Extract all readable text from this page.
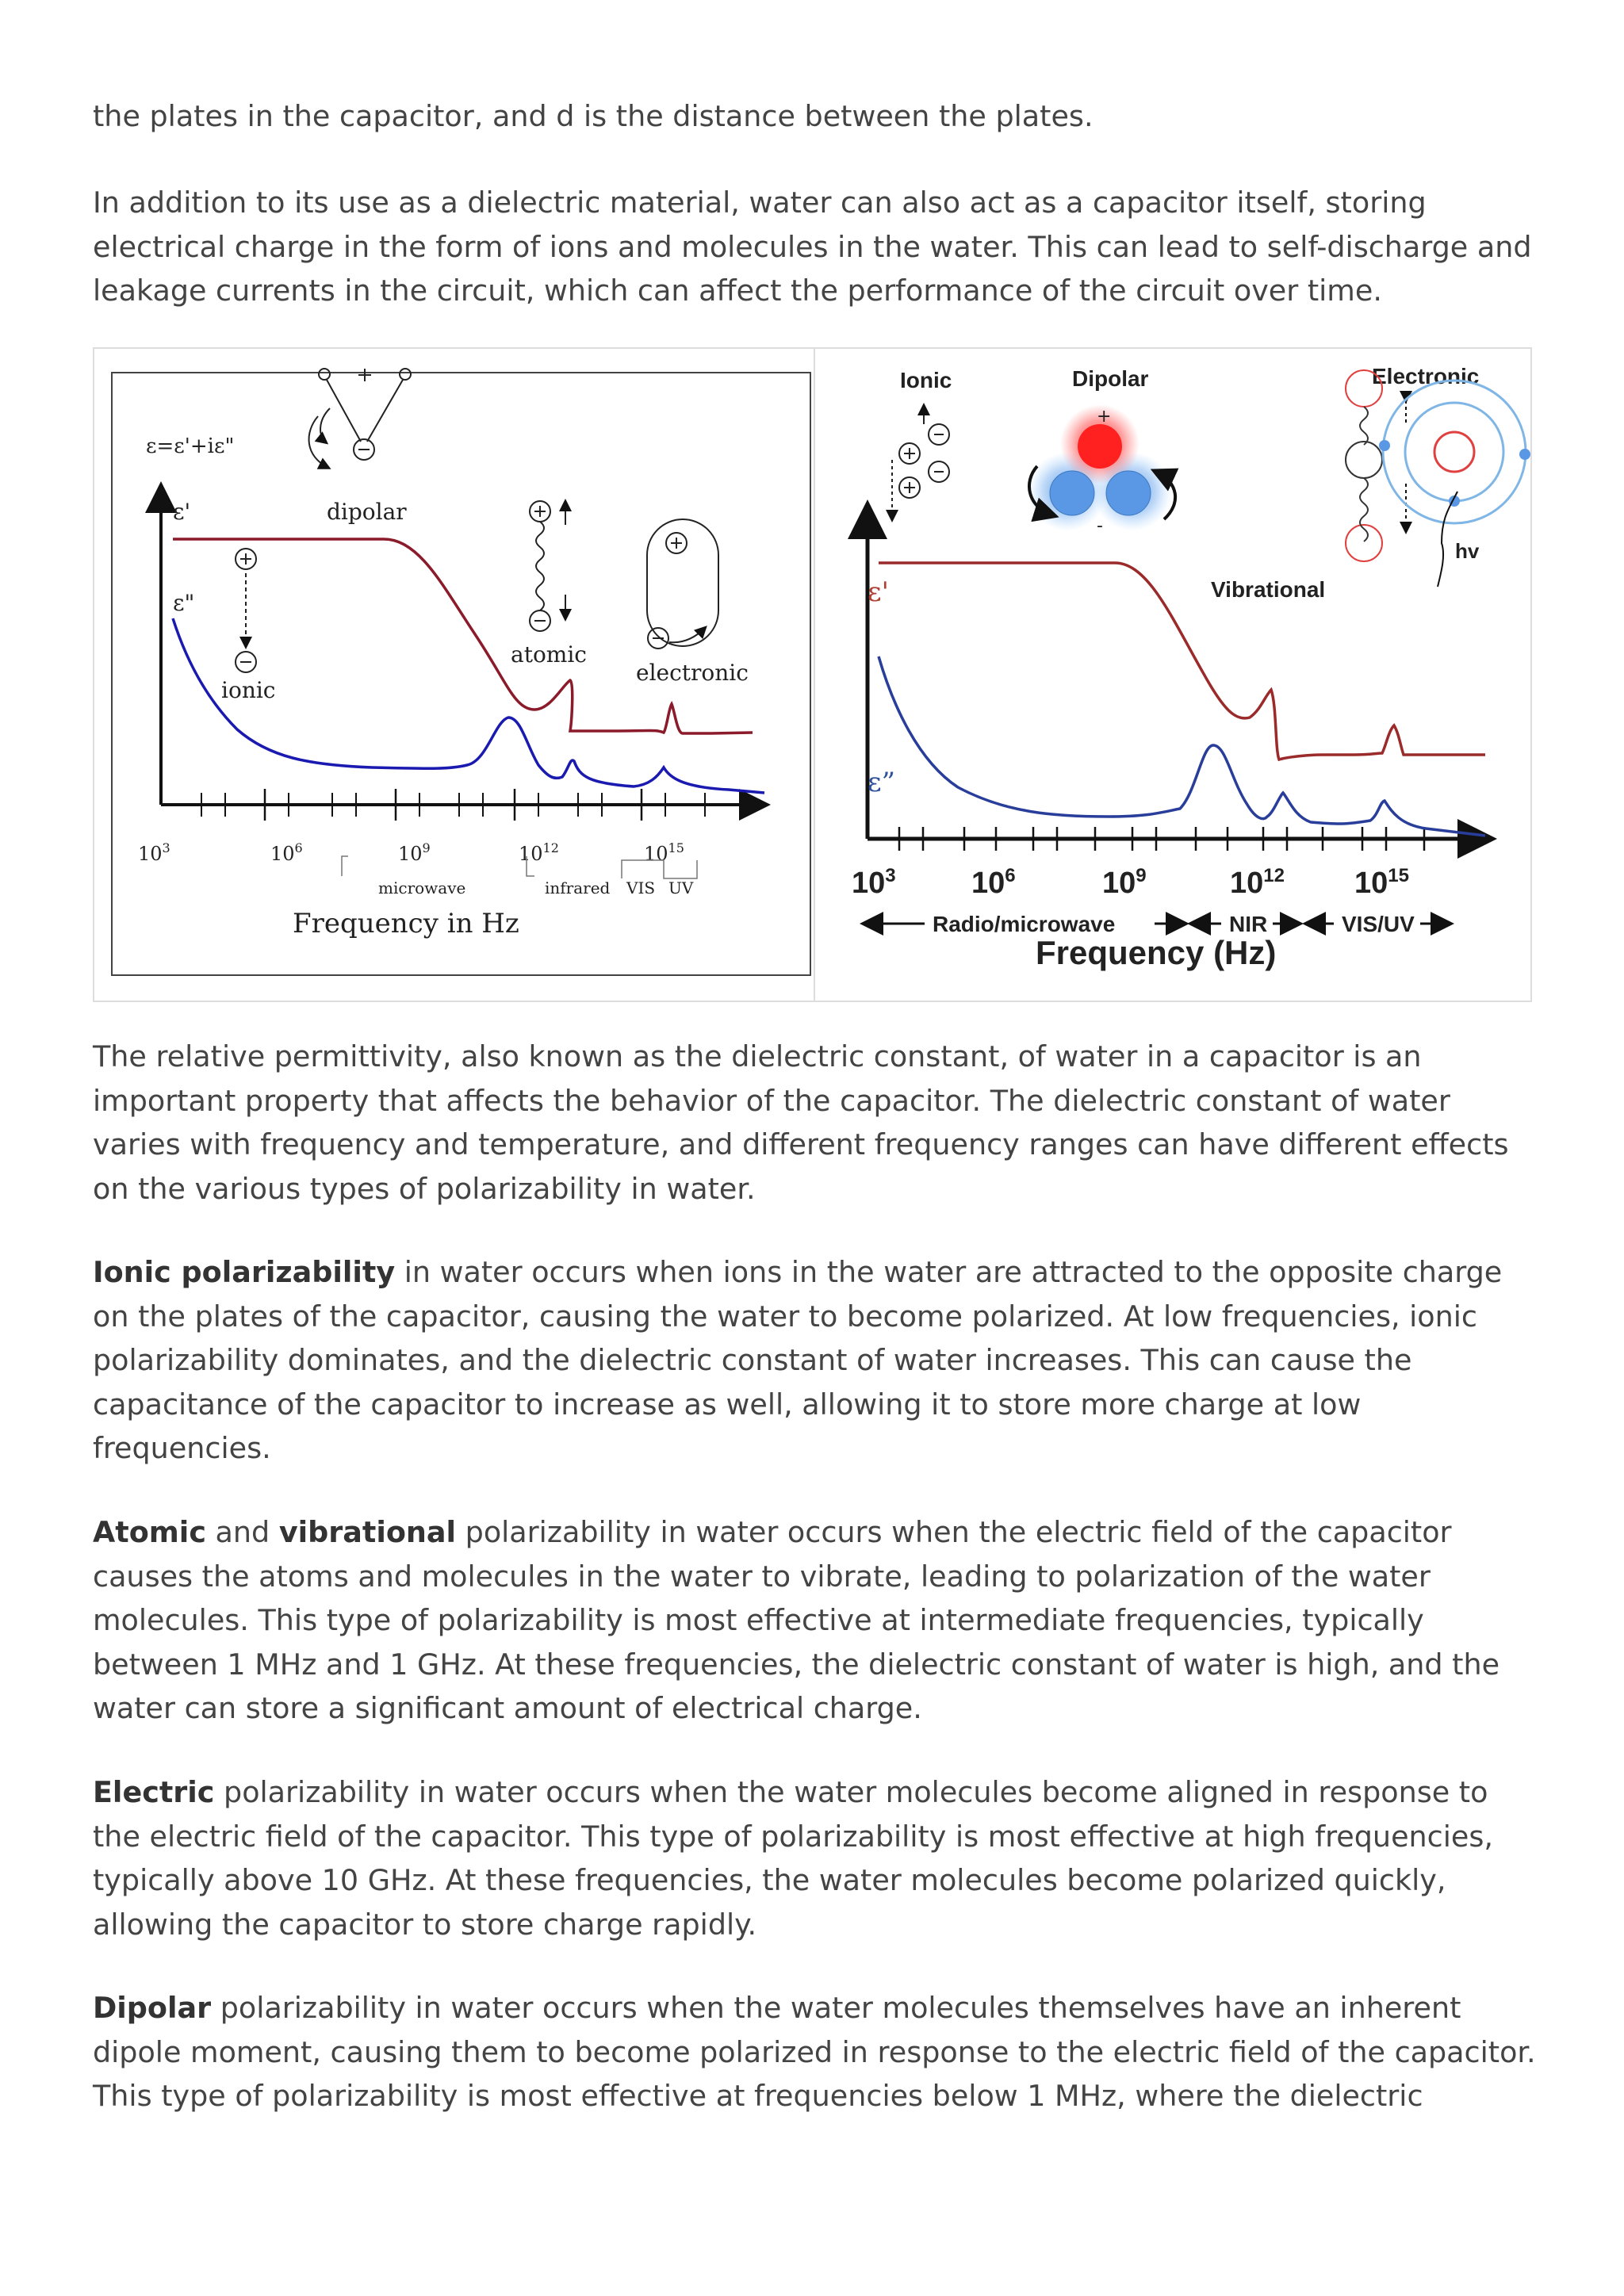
the plates in the capacitor, and d is the distance between the plates.

In addition to its use as a dielectric material, water can also act as a capacitor itself, storing electrical charge in the form of ions and molecules in the water. This can lead to self-discharge and leakage currents in the circuit, which can affect the performance of the circuit over time.

ε=ε'+iε"
$10^3$	$10^6$	$10^9$	$10^{12}$	$10^{15}$
microwave	infrared VIS UV
Frequency in Hz
ε'
ε"
dipolar
ionic
atomic
electronic
Ionic	Dipolar	Electronic
Vibrational
+
-
hv
ε'
ε”
$10^3$	$10^6$	$10^9$	$10^{12}$ $10^{15}$
Radio/microwave	NIR	VIS/UV
Frequency (Hz)

The relative permittivity, also known as the dielectric constant, of water in a capacitor is an important property that affects the behavior of the capacitor. The dielectric constant of water varies with frequency and temperature, and different frequency ranges can have different effects on the various types of polarizability in water.

Ionic polarizability in water occurs when ions in the water are attracted to the opposite charge on the plates of the capacitor, causing the water to become polarized. At low frequencies, ionic polarizability dominates, and the dielectric constant of water increases. This can cause the capacitance of the capacitor to increase as well, allowing it to store more charge at low frequencies.

Atomic and vibrational polarizability in water occurs when the electric field of the capacitor causes the atoms and molecules in the water to vibrate, leading to polarization of the water molecules. This type of polarizability is most effective at intermediate frequencies, typically between 1 MHz and 1 GHz. At these frequencies, the dielectric constant of water is high, and the water can store a significant amount of electrical charge.

Electric polarizability in water occurs when the water molecules become aligned in response to the electric field of the capacitor. This type of polarizability is most effective at high frequencies, typically above 10 GHz. At these frequencies, the water molecules become polarized quickly, allowing the capacitor to store charge rapidly.

Dipolar polarizability in water occurs when the water molecules themselves have an inherent dipole moment, causing them to become polarized in response to the electric field of the capacitor. This type of polarizability is most effective at frequencies below 1 MHz, where the dielectric
